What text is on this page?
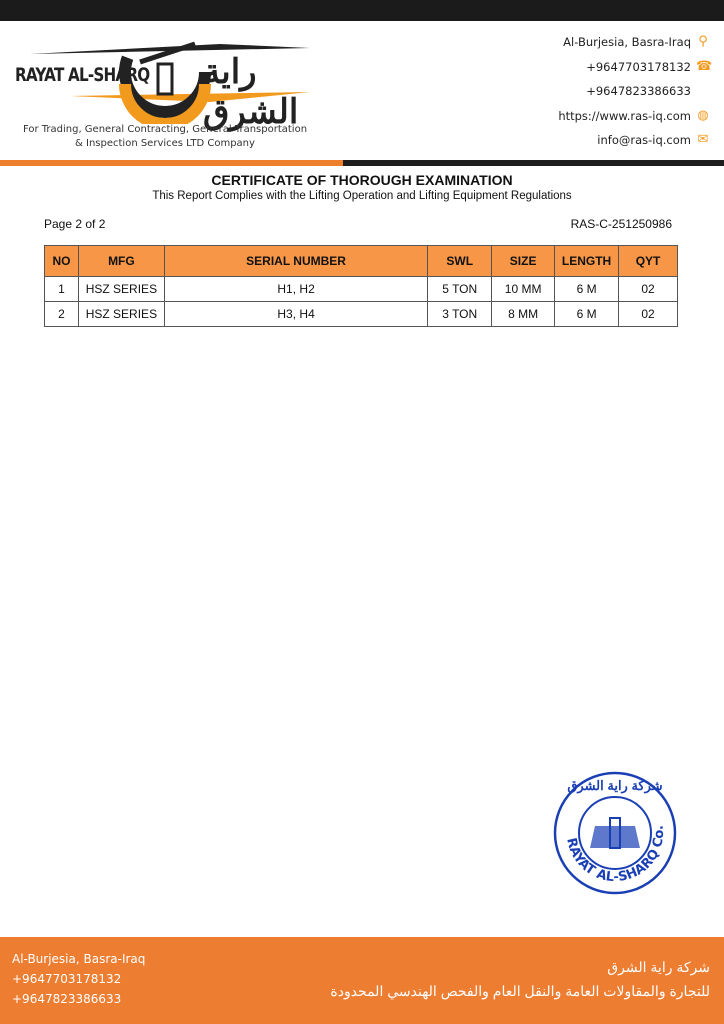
RAYAT AL-SHARQ راية الشرق
For Trading, General Contracting, General Transportation
& Inspection Services LTD Company
Al-Burjesia, Basra-Iraq ⚲
+9647703178132 ☎
+9647823386633
https://www.ras-iq.com ◍
info@ras-iq.com ✉
CERTIFICATE OF THOROUGH EXAMINATION
This Report Complies with the Lifting Operation and Lifting Equipment Regulations
Page 2 of 2	RAS-C-251250986
NO	MFG	SERIAL NUMBER	SWL	SIZE	LENGTH	QYT
1	HSZ SERIES	H1, H2	5 TON	10 MM	6 M	02
2	HSZ SERIES	H3, H4	3 TON	8 MM	6 M	02
RAYAT AL-SHARQ Co.
شركة راية الشرق
Al-Burjesia, Basra-Iraq
+9647703178132
+9647823386633
شركة راية الشرق
للتجارة والمقاولات العامة والنقل العام والفحص الهندسي المحدودة
